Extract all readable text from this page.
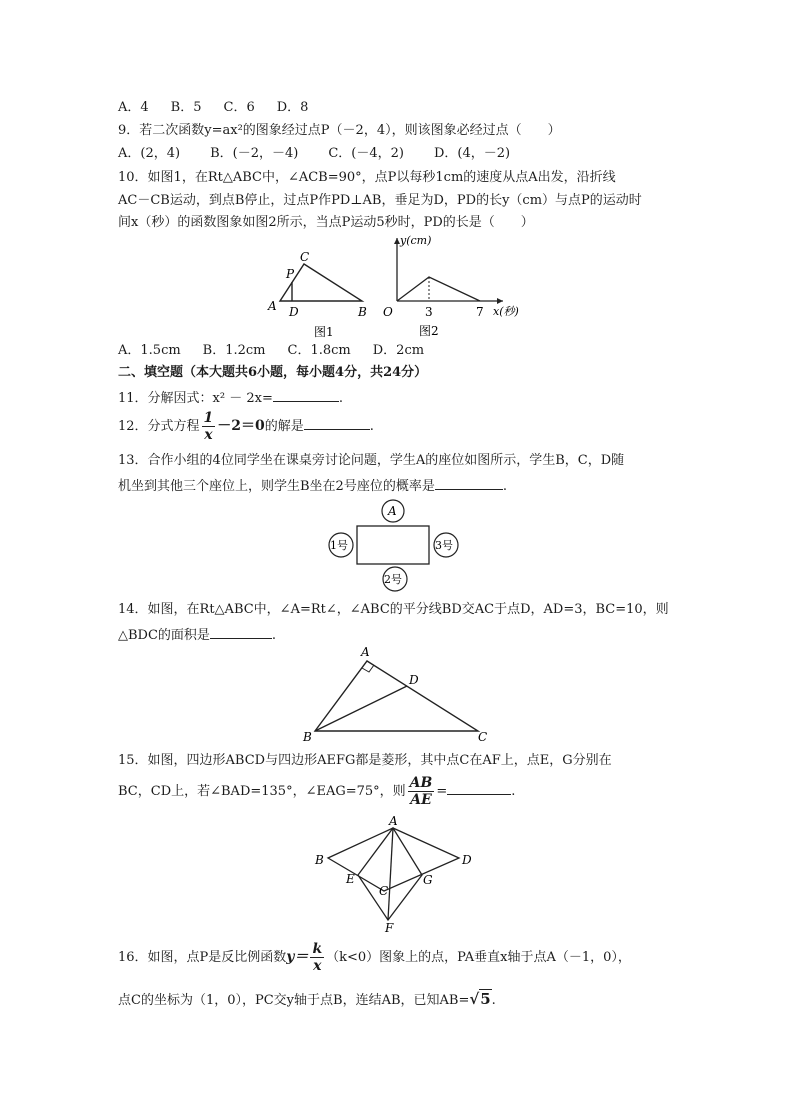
A．4 B．5 C．6 D．8
9．若二次函数y=ax²的图象经过点P（－2，4），则该图象必经过点（　　）
A．(2，4) B．(－2，－4) C．(－4，2) D．(4，－2)
10．如图1，在Rt△ABC中，∠ACB=90°，点P以每秒1cm的速度从点A出发，沿折线
AC－CB运动，到点B停止，过点P作PD⊥AB，垂足为D，PD的长y（cm）与点P的运动时
间x（秒）的函数图象如图2所示，当点P运动5秒时，PD的长是（　　）
A	B
C
P
D
图1
y(cm)
x(秒)
O	3	7
图2
A．1.5cm B．1.2cm C．1.8cm D．2cm
二、填空题（本大题共6小题，每小题4分，共24分）
11．分解因式：x² － 2x=	.
12．分式方程 $\frac{1}{x} -2=0$的解是	.
13．合作小组的4位同学坐在课桌旁讨论问题，学生A的座位如图所示，学生B，C，D随
机坐到其他三个座位上，则学生B坐在2号座位的概率是	.
A
1号	3号
2号
14．如图，在Rt△ABC中，∠A=Rt∠，∠ABC的平分线BD交AC于点D，AD=3，BC=10，则
△BDC的面积是	.
A
B	C
D
15．如图，四边形ABCD与四边形AEFG都是菱形，其中点C在AF上，点E，G分别在
BC，CD上，若∠BAD=135°，∠EAG=75°，则 $\frac{AB}{AE}$ =	.
A
B	D
E	G
C
F
16．如图，点P是反比例函数$y= \frac{k}{x} (k<0)$图象上的点，PA垂直x轴于点A（－1，0），
点C的坐标为（1，0），PC交y轴于点B，连结AB，已知AB=√5.
